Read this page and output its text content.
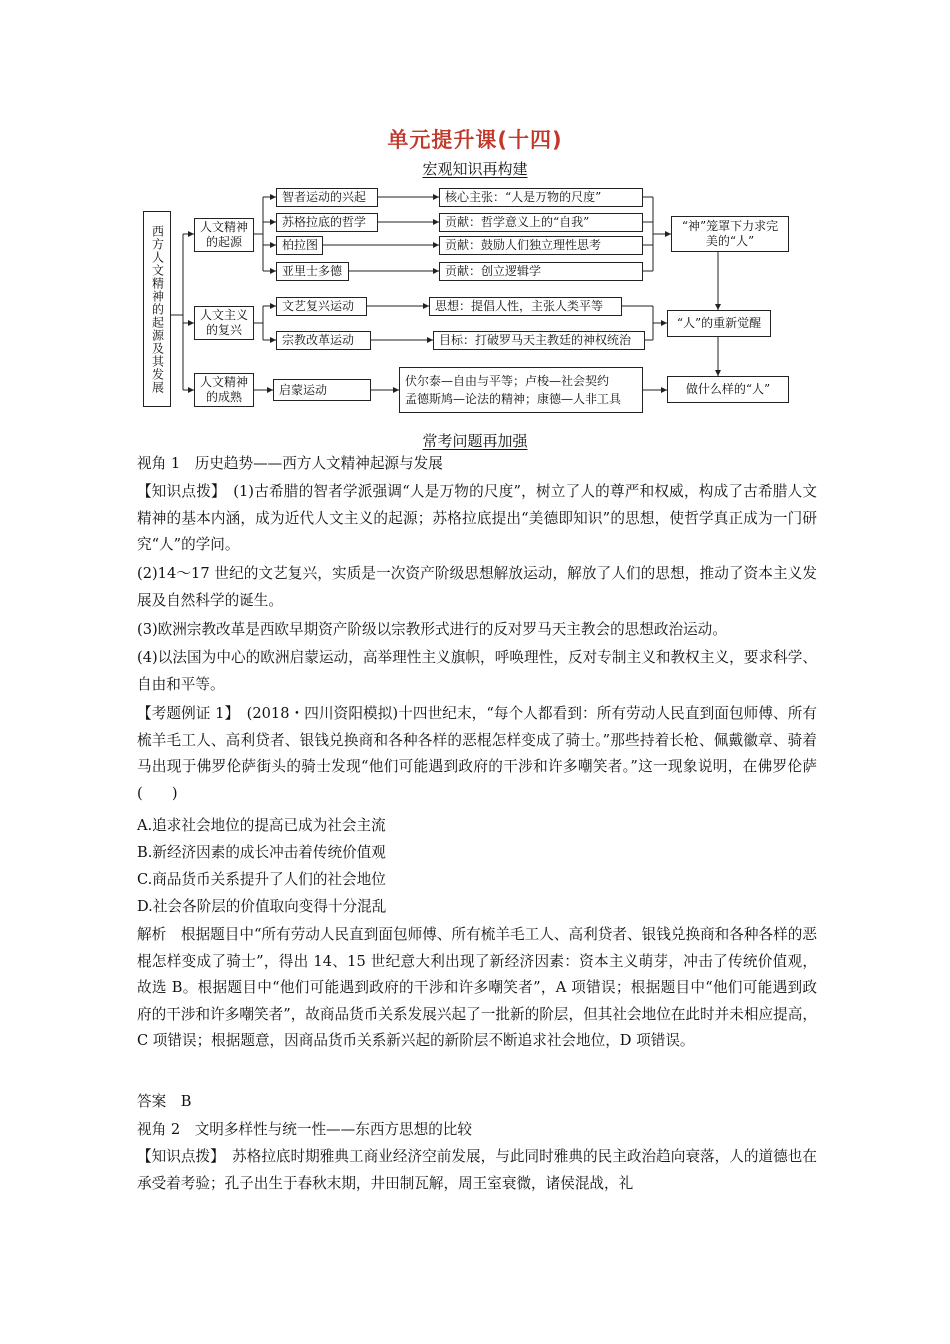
单元提升课(十四)
宏观知识再构建
西方人文精神的起源及其发展	人文精神的起源
人文主义的复兴
人文精神的成熟
智者运动的兴起
苏格拉底的哲学
柏拉图
亚里士多德
核心主张：“人是万物的尺度”
贡献：哲学意义上的“自我”
贡献：鼓励人们独立理性思考
贡献：创立逻辑学
“神”笼罩下力求完美的“人”
文艺复兴运动
宗教改革运动
思想：提倡人性，主张人类平等
目标：打破罗马天主教廷的神权统治
“人”的重新觉醒
启蒙运动
伏尔泰—自由与平等；卢梭—社会契约
孟德斯鸠—论法的精神；康德—人非工具
做什么样的“人”
常考问题再加强
视角 1　历史趋势——西方人文精神起源与发展
【知识点拨】　(1)古希腊的智者学派强调“人是万物的尺度”，树立了人的尊严和权威，构成了古希腊人文精神的基本内涵，成为近代人文主义的起源；苏格拉底提出“美德即知识”的思想，使哲学真正成为一门研究“人”的学问。
(2)14～17 世纪的文艺复兴，实质是一次资产阶级思想解放运动，解放了人们的思想，推动了资本主义发展及自然科学的诞生。
(3)欧洲宗教改革是西欧早期资产阶级以宗教形式进行的反对罗马天主教会的思想政治运动。
(4)以法国为中心的欧洲启蒙运动，高举理性主义旗帜，呼唤理性，反对专制主义和教权主义，要求科学、自由和平等。
【考题例证 1】　(2018・四川资阳模拟)十四世纪末，“每个人都看到：所有劳动人民直到面包师傅、所有梳羊毛工人、高利贷者、银钱兑换商和各种各样的恶棍怎样变成了骑士。”那些持着长枪、佩戴徽章、骑着马出现于佛罗伦萨街头的骑士发现“他们可能遇到政府的干涉和许多嘲笑者。”这一现象说明，在佛罗伦萨(　　)
A.追求社会地位的提高已成为社会主流
B.新经济因素的成长冲击着传统价值观
C.商品货币关系提升了人们的社会地位
D.社会各阶层的价值取向变得十分混乱
解析　根据题目中“所有劳动人民直到面包师傅、所有梳羊毛工人、高利贷者、银钱兑换商和各种各样的恶棍怎样变成了骑士”，得出 14、15 世纪意大利出现了新经济因素：资本主义萌芽，冲击了传统价值观，故选 B。根据题目中“他们可能遇到政府的干涉和许多嘲笑者”，A 项错误；根据题目中“他们可能遇到政府的干涉和许多嘲笑者”，故商品货币关系发展兴起了一批新的阶层，但其社会地位在此时并未相应提高，C 项错误；根据题意，因商品货币关系新兴起的新阶层不断追求社会地位，D 项错误。
答案　B
视角 2　文明多样性与统一性——东西方思想的比较
【知识点拨】　苏格拉底时期雅典工商业经济空前发展，与此同时雅典的民主政治趋向衰落，人的道德也在承受着考验；孔子出生于春秋末期，井田制瓦解，周王室衰微，诸侯混战，礼
